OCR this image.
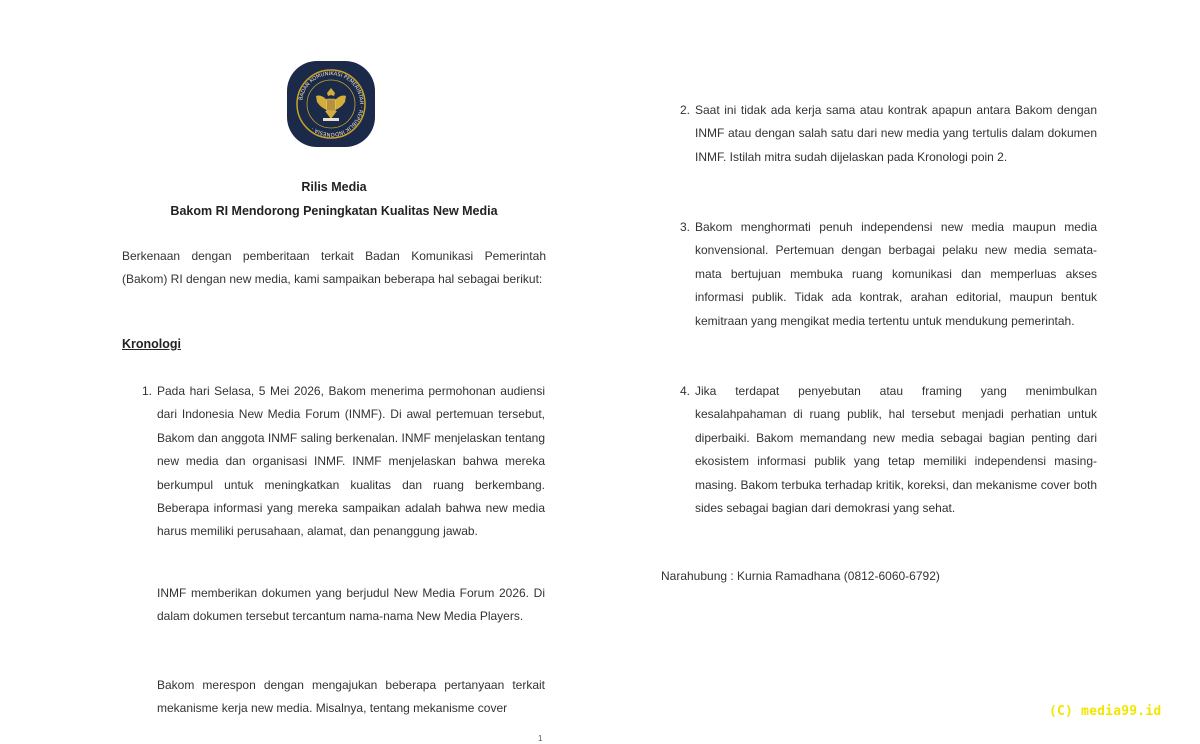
BADAN KOMUNIKASI PEMERINTAH · REPUBLIK INDONESIA ·
Rilis Media
Bakom RI Mendorong Peningkatan Kualitas New Media

Berkenaan dengan pemberitaan terkait Badan Komunikasi Pemerintah (Bakom) RI dengan new media, kami sampaikan beberapa hal sebagai berikut:

Kronologi
1. Pada hari Selasa, 5 Mei 2026, Bakom menerima permohonan audiensi dari Indonesia New Media Forum (INMF). Di awal pertemuan tersebut, Bakom dan anggota INMF saling berkenalan. INMF menjelaskan tentang new media dan organisasi INMF. INMF menjelaskan bahwa mereka berkumpul untuk meningkatkan kualitas dan ruang berkembang. Beberapa informasi yang mereka sampaikan adalah bahwa new media harus memiliki perusahaan, alamat, dan penanggung jawab.

INMF memberikan dokumen yang berjudul New Media Forum 2026. Di dalam dokumen tersebut tercantum nama-nama New Media Players.

Bakom merespon dengan mengajukan beberapa pertanyaan terkait mekanisme kerja new media. Misalnya, tentang mekanisme cover

1
2. Saat ini tidak ada kerja sama atau kontrak apapun antara Bakom dengan INMF atau dengan salah satu dari new media yang tertulis dalam dokumen INMF. Istilah mitra sudah dijelaskan pada Kronologi poin 2.

3. Bakom menghormati penuh independensi new media maupun media konvensional. Pertemuan dengan berbagai pelaku new media semata-mata bertujuan membuka ruang komunikasi dan memperluas akses informasi publik. Tidak ada kontrak, arahan editorial, maupun bentuk kemitraan yang mengikat media tertentu untuk mendukung pemerintah.

4. Jika terdapat penyebutan atau framing yang menimbulkan kesalahpahaman di ruang publik, hal tersebut menjadi perhatian untuk diperbaiki. Bakom memandang new media sebagai bagian penting dari ekosistem informasi publik yang tetap memiliki independensi masing-masing. Bakom terbuka terhadap kritik, koreksi, dan mekanisme cover both sides sebagai bagian dari demokrasi yang sehat.

Narahubung : Kurnia Ramadhana (0812-6060-6792)
(C) media99.id
